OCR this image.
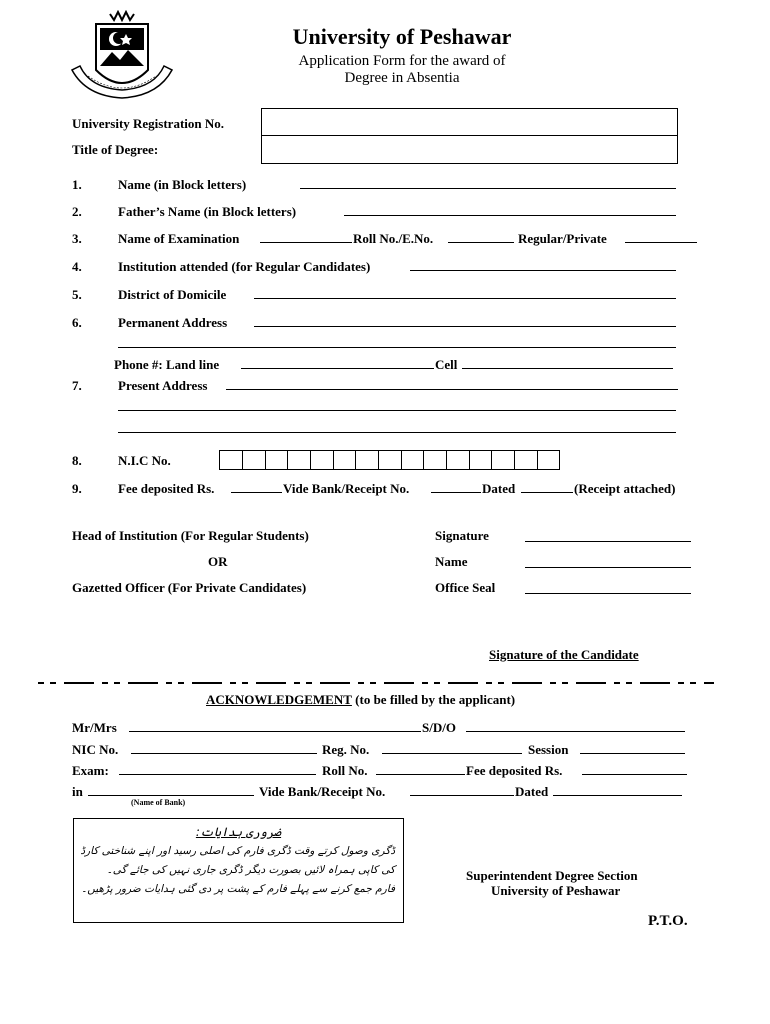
University of Peshawar
Application Form for the award of
Degree in Absentia
University Registration No.
Title of Degree:
1.	Name (in Block letters)
2.	Father’s Name (in Block letters)
3.	Name of Examination	Roll No./E.No.	Regular/Private
4.	Institution attended (for Regular Candidates)
5.	District of Domicile
6.	Permanent Address
Phone #: Land line	Cell
7.	Present Address
8.	N.I.C No.
9.	Fee deposited Rs.	Vide Bank/Receipt No.	Dated	(Receipt attached)
Head of Institution (For Regular Students)
OR
Gazetted Officer (For Private Candidates)
Signature
Name
Office Seal
Signature of the Candidate
ACKNOWLEDGEMENT (to be filled by the applicant)
Mr/Mrs	S/D/O
NIC No.	Reg. No.	Session
Exam:	Roll No.	Fee deposited Rs.
in
(Name of Bank)
Vide Bank/Receipt No.	Dated
ضروری ہدایات:
ڈگری وصول کرتے وقت ڈگری فارم کی اصلی رسید اور اپنے شناختی کارڈ
کی کاپی ہمراہ لائیں بصورت دیگر ڈگری جاری نہیں کی جائے گی۔
فارم جمع کرنے سے پہلے فارم کے پشت پر دی گئی ہدایات ضرور پڑھیں۔
Superintendent Degree Section
University of Peshawar
P.T.O.
